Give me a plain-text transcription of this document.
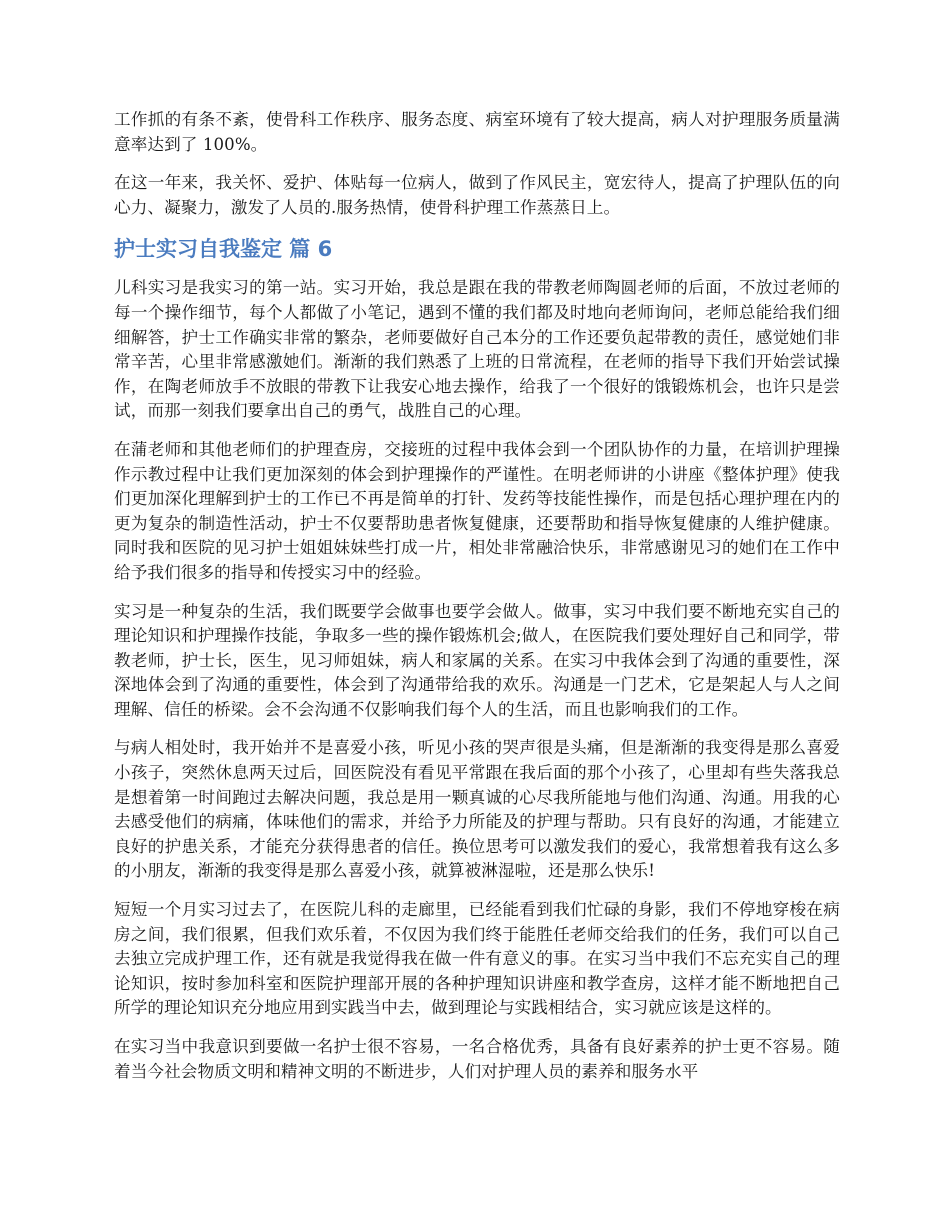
工作抓的有条不紊，使骨科工作秩序、服务态度、病室环境有了较大提高，病人对护理服务质量满意率达到了 100%。

在这一年来，我关怀、爱护、体贴每一位病人，做到了作风民主，宽宏待人，提高了护理队伍的向心力、凝聚力，激发了人员的.服务热情，使骨科护理工作蒸蒸日上。

护士实习自我鉴定 篇 6

儿科实习是我实习的第一站。实习开始，我总是跟在我的带教老师陶圆老师的后面，不放过老师的每一个操作细节，每个人都做了小笔记，遇到不懂的我们都及时地向老师询问，老师总能给我们细细解答，护士工作确实非常的繁杂，老师要做好自己本分的工作还要负起带教的责任，感觉她们非常辛苦，心里非常感激她们。渐渐的我们熟悉了上班的日常流程，在老师的指导下我们开始尝试操作，在陶老师放手不放眼的带教下让我安心地去操作，给我了一个很好的饿锻炼机会，也许只是尝试，而那一刻我们要拿出自己的勇气，战胜自己的心理。

在蒲老师和其他老师们的护理查房，交接班的过程中我体会到一个团队协作的力量，在培训护理操作示教过程中让我们更加深刻的体会到护理操作的严谨性。在明老师讲的小讲座《整体护理》使我们更加深化理解到护士的工作已不再是简单的打针、发药等技能性操作，而是包括心理护理在内的更为复杂的制造性活动，护士不仅要帮助患者恢复健康，还要帮助和指导恢复健康的人维护健康。同时我和医院的见习护士姐姐妹妹些打成一片，相处非常融洽快乐，非常感谢见习的她们在工作中给予我们很多的指导和传授实习中的经验。

实习是一种复杂的生活，我们既要学会做事也要学会做人。做事，实习中我们要不断地充实自己的理论知识和护理操作技能，争取多一些的操作锻炼机会;做人，在医院我们要处理好自己和同学，带教老师，护士长，医生，见习师姐妹，病人和家属的关系。在实习中我体会到了沟通的重要性，深深地体会到了沟通的重要性，体会到了沟通带给我的欢乐。沟通是一门艺术，它是架起人与人之间理解、信任的桥梁。会不会沟通不仅影响我们每个人的生活，而且也影响我们的工作。

与病人相处时，我开始并不是喜爱小孩，听见小孩的哭声很是头痛，但是渐渐的我变得是那么喜爱小孩子，突然休息两天过后，回医院没有看见平常跟在我后面的那个小孩了，心里却有些失落我总是想着第一时间跑过去解决问题，我总是用一颗真诚的心尽我所能地与他们沟通、沟通。用我的心去感受他们的病痛，体味他们的需求，并给予力所能及的护理与帮助。只有良好的沟通，才能建立良好的护患关系，才能充分获得患者的信任。换位思考可以激发我们的爱心，我常想着我有这么多的小朋友，渐渐的我变得是那么喜爱小孩，就算被淋湿啦，还是那么快乐!

短短一个月实习过去了，在医院儿科的走廊里，已经能看到我们忙碌的身影，我们不停地穿梭在病房之间，我们很累，但我们欢乐着，不仅因为我们终于能胜任老师交给我们的任务，我们可以自己去独立完成护理工作，还有就是我觉得我在做一件有意义的事。在实习当中我们不忘充实自己的理论知识，按时参加科室和医院护理部开展的各种护理知识讲座和教学查房，这样才能不断地把自己所学的理论知识充分地应用到实践当中去，做到理论与实践相结合，实习就应该是这样的。

在实习当中我意识到要做一名护士很不容易，一名合格优秀，具备有良好素养的护士更不容易。随着当今社会物质文明和精神文明的不断进步，人们对护理人员的素养和服务水平
